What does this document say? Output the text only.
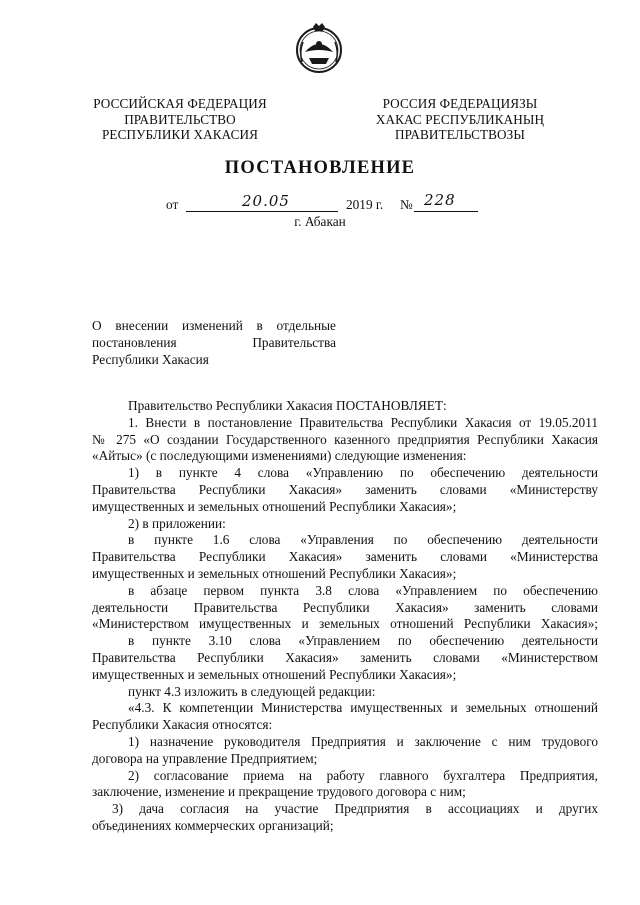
РОССИЙСКАЯ ФЕДЕРАЦИЯ
ПРАВИТЕЛЬСТВО
РЕСПУБЛИКИ ХАКАСИЯ
РОССИЯ ФЕДЕРАЦИЯЗЫ
ХАКАС РЕСПУБЛИКАНЫҢ
ПРАВИТЕЛЬСТВОЗЫ
ПОСТАНОВЛЕНИЕ
от	20.05	2019 г. № 228
г. Абакан
О внесении изменений в отдельные
постановления	Правительства
Республики Хакасия
Правительство Республики Хакасия ПОСТАНОВЛЯЕТ:
1. Внести в постановление Правительства Республики Хакасия от 19.05.2011
№ 275 «О создании Государственного казенного предприятия Республики Хакасия
«Айтыс» (с последующими изменениями) следующие изменения:
1) в пункте 4 слова «Управлению по обеспечению деятельности
Правительства Республики Хакасия» заменить словами «Министерству
имущественных и земельных отношений Республики Хакасия»;
2) в приложении:
в пункте 1.6 слова «Управления по обеспечению деятельности
Правительства Республики Хакасия» заменить словами «Министерства
имущественных и земельных отношений Республики Хакасия»;
в абзаце первом пункта 3.8 слова «Управлением по обеспечению
деятельности Правительства Республики Хакасия» заменить словами
«Министерством имущественных и земельных отношений Республики Хакасия»;
в пункте 3.10 слова «Управлением по обеспечению деятельности
Правительства Республики Хакасия» заменить словами «Министерством
имущественных и земельных отношений Республики Хакасия»;
пункт 4.3 изложить в следующей редакции:
«4.3. К компетенции Министерства имущественных и земельных отношений
Республики Хакасия относятся:
1) назначение руководителя Предприятия и заключение с ним трудового
договора на управление Предприятием;
2) согласование приема на работу главного бухгалтера Предприятия,
заключение, изменение и прекращение трудового договора с ним;
3) дача согласия на участие Предприятия в ассоциациях и других
объединениях коммерческих организаций;
